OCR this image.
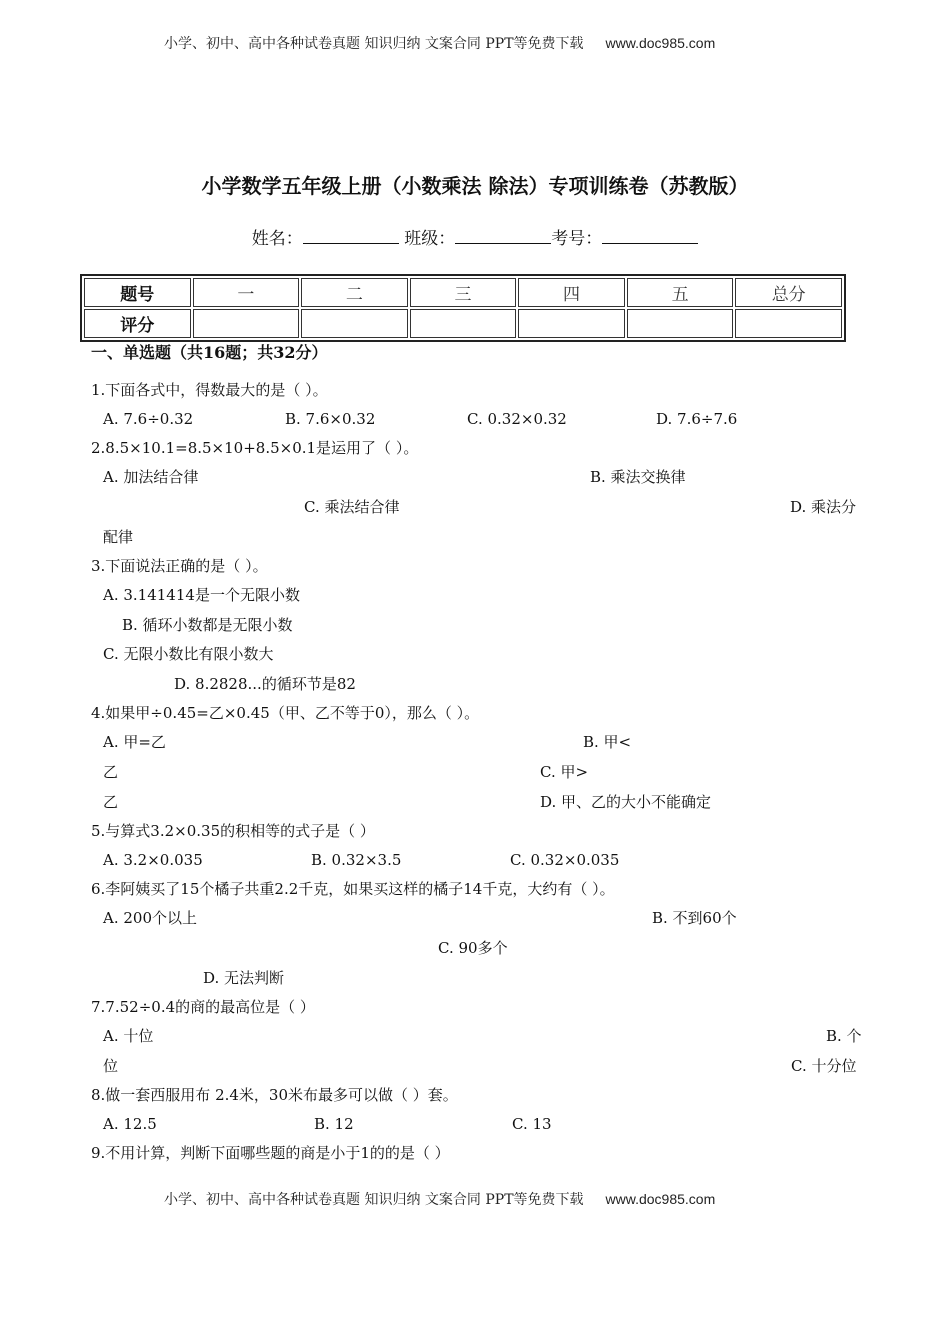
小学、初中、高中各种试卷真题 知识归纳 文案合同 PPT等免费下载 www.doc985.com
小学数学五年级上册（小数乘法 除法）专项训练卷（苏教版）
姓名：	班级：	考号：
题号	一	二	三	四	五	总分
评分						
一、单选题（共16题；共32分）
1.下面各式中，得数最大的是（ ）。
A. 7.6÷0.32	B. 7.6×0.32	C. 0.32×0.32	D. 7.6÷7.6
2.8.5×10.1=8.5×10+8.5×0.1是运用了（ ）。
A. 加法结合律	B. 乘法交换律
C. 乘法结合律	D. 乘法分
配律
3.下面说法正确的是（ ）。
A. 3.141414是一个无限小数
B. 循环小数都是无限小数
C. 无限小数比有限小数大
D. 8.2828...的循环节是82
4.如果甲÷0.45=乙×0.45（甲、乙不等于0），那么（ ）。
A. 甲=乙	B. 甲<
乙	C. 甲>
乙	D. 甲、乙的大小不能确定
5.与算式3.2×0.35的积相等的式子是（ ）
A. 3.2×0.035	B. 0.32×3.5	C. 0.32×0.035
6.李阿姨买了15个橘子共重2.2千克，如果买这样的橘子14千克，大约有（ ）。
A. 200个以上	B. 不到60个
C. 90多个
D. 无法判断
7.7.52÷0.4的商的最高位是（ ）
A. 十位	B. 个
位	C. 十分位
8.做一套西服用布 2.4米，30米布最多可以做（ ）套。
A. 12.5	B. 12	C. 13
9.不用计算，判断下面哪些题的商是小于1的的是（ ）
小学、初中、高中各种试卷真题 知识归纳 文案合同 PPT等免费下载 www.doc985.com
